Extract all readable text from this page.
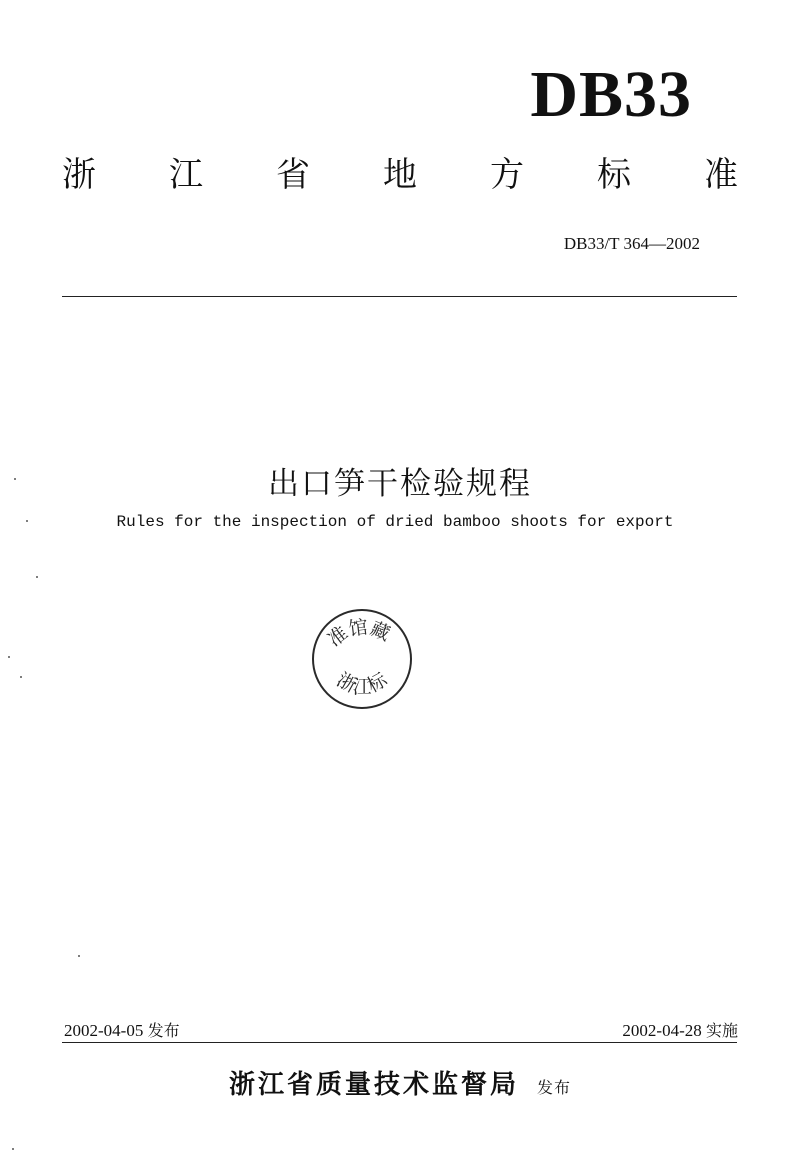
DB33
浙 江 省 地 方 标 准
DB33/T 364—2002
出口笋干检验规程
Rules for the inspection of dried bamboo shoots for export
准馆藏
浙江标
2002-04-05 发布	2002-04-28 实施
浙江省质量技术监督局 发布
